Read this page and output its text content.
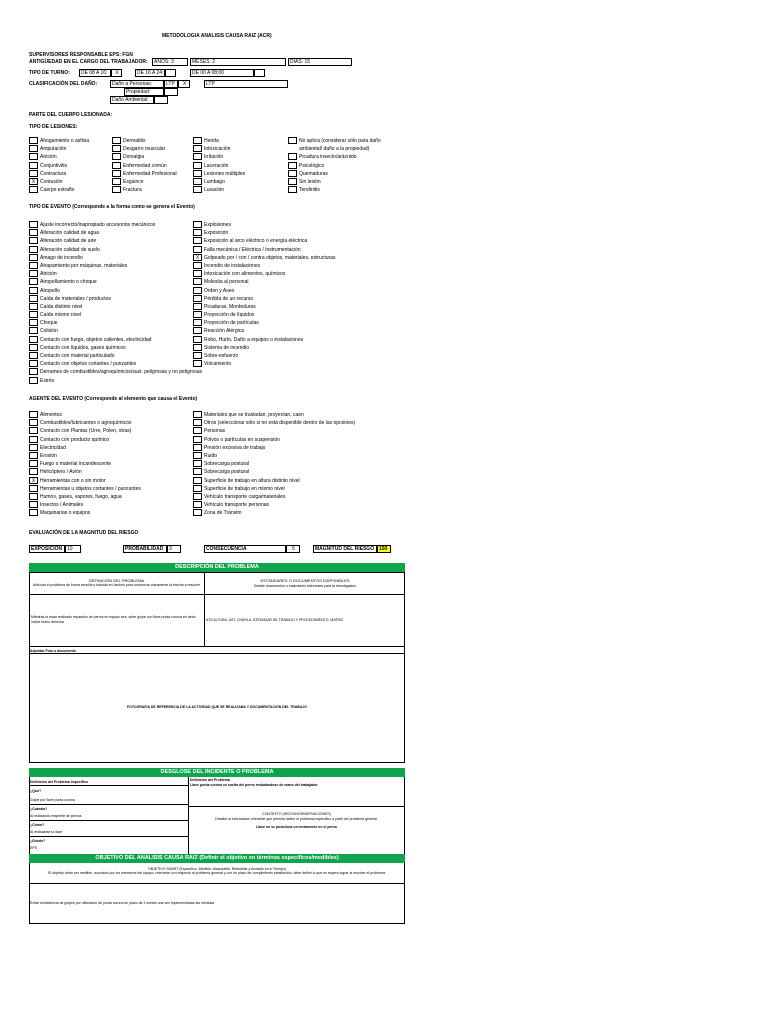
METODOLOGIA ANALISIS CAUSA RAIZ (ACR)
SUPERVISORES RESPONSABLE EPS: FGN
ANTIGÜEDAD EN EL CARGO DEL TRABAJADOR:	AÑOS: 3	MESES: 2	DIAS: 15
TIPO DE TURNO:	DE 08 A 16:	X	DE 16 A 24:	DE 00 A 08:00
CLASIFICACIÓN DEL DAÑO:	Daño a Personas:	LTP	X	LTP
Propiedad:
Daño Ambiental:
PARTE DEL CUERPO LESIONADA:
TIPO DE LESIONES:
Ahogamiento o asfixia
Amputación
Atrición
Conjuntivitis
Contractura
X Contusión
Cuerpo extraño
Dermatitis
Desgarro muscular
Dorsalgia
Enfermedad común
Enfermedad Profesional
Esguince
Fractura
Herida
Intoxicación
Irritación
Laceración
Lesiones múltiples
Lumbago
Luxación
No aplica (considerar sólo para daño
ambiental/ daño a la propiedad)
Picadura insecto/arácnido
Psicológico
Quemaduras
Sin lesión
Tendinitis
TIPO DE EVENTO (Corresponde a la forma como se genera el Evento)
Ajuste incorrecto/inapropiado accesorios mecánicos
Alteración calidad de agua
Alteración calidad de aire
Alteración calidad de suelo
Amago de incendio
Atrapamiento por máquinas, materiales
Atrición
Atropellamiento o choque
Atropello
Caída de materiales / productos
Caída distinto nivel
Caída mismo nivel
Choque
Colisión
Contacto con fuego, objetos calientes, electricidad
Contacto con líquidos, gases químicos
Contacto con material particulado
Contacto con objetos cortantes / punzantes
Derrames de combustibles/agroquímicos/sust. peligrosas y no peligrosas
Estrés
Explosiones
Exposición
Exposición al arco eléctrico o energía eléctrica
Falla mecánica / Eléctrica / Instrumentación
X Golpeado por / con / contra objetos, materiales, estructuras
Incendio de instalaciones
Intoxicación con alimentos, químicos
Molestia al personal
Orden y Aseo
Pérdida de un recurso
Picaduras, Mordeduras
Proyección de líquidos
Proyección de partículas
Reacción Alérgica
Robo, Hurto, Daño a equipos o instalaciones
Sistema de incendio
Sobre-esfuerzo
Volcamiento
AGENTE DEL EVENTO (Corresponde al elemento que causa el Evento)
Alimentos
Combustibles/lubricantes o agroquímicos
Contacto con Plantas (Urre, Polen, otras)
Contacto con producto químico
Electricidad
Erosión
Fuego o material incandescente
Helicóptero / Avión
X Herramientas con o sin motor
Herramientas u objetos cortantes / punzantes
Humos, gases, vapores, fuego, agua
Insectos / Animales
Maquinarias o equipos
Materiales que se trasladan, proyectan, caen
Otros (seleccionar sólo si no está disponible dentro de las opciones)
Personas
Polvos o partículas en suspensión
Presión excesiva de trabajo
Ruido
Sobrecarga postural
Sobrecarga postural
Superficie de trabajo en altura distinto nivel
Superficie de trabajo en mismo nivel
Vehículo transporte carga/materiales
Vehículo transporte personas
Zona de Tránsito
EVALUACIÓN DE LA MAGNITUD DEL RIESGO
EXPOSICIÓN 10	PROBABILIDAD	3	CONSECUENCIA	5	MAGNITUD DEL RIESGO 150
DESCRIPCIÓN DEL PROBLEMA
DEFINICIÓN DEL PROBLEMA
Articular el problema de forma sencilla y basada en hechos para comunicar claramente la brecha a resolver
ESTÁNDARES O DOCUMENTOS DISPONIBLES
Detalle documentos o estándares relevantes para la investigación
Mientras la estar realizado reparaión de perros en equipo sea, sufre golpe con llave punta corona en dedo índice mano derecha	ATS ALTURA, AST, CHARLA, ESTANDAR DE TRABAJO Y PROCEDIMIENTO, MATRIZ
Adjuntar Foto o documento
FOTOGRAFIA DE REFERENCIA DE LA ACTIVIDAD QUE SE REALIZABA Y DOCUMENTACIÓN DEL TRABAJO
DESGLOSE DEL INCIDENTE O PROBLEMA
Definición del Problema especifico
¿Qué?
Golpe por llave punta corona
¿Cuándo?
Al realizando reapriete de pernos
¿Cómo?
Al resbalarse la llave
¿Dónde?
EPS
Definición del Problema
Llave punta corona se suelta del perno resbalándose de mano del trabajador
CONTEXTO (HECHOS/OBSERVACIONES)
Detallar la información relevante que permita definir el problema especifico a partir del problema general.
Llave no se posiciona correctamente en el perno
OBJETIVO DEL ANALISIS CAUSA RAIZ (Definir el objetivo en términos específicos/medibles)
OBJETIVO SMART (Específico, Medible, Alcanzable, Relevante y Acotado en el Tiempo)
El objetivo debe ser medible, acordado por los miembros del equipo, relevante con respecto al problema general y con un plazo de cumplimiento establecido, debe definir lo que se espera lograr al resolver el problema.
Evitar reincidencia de golpes por utilización de punta corona en plazo de 3 meses una vez implementadas las medidas
